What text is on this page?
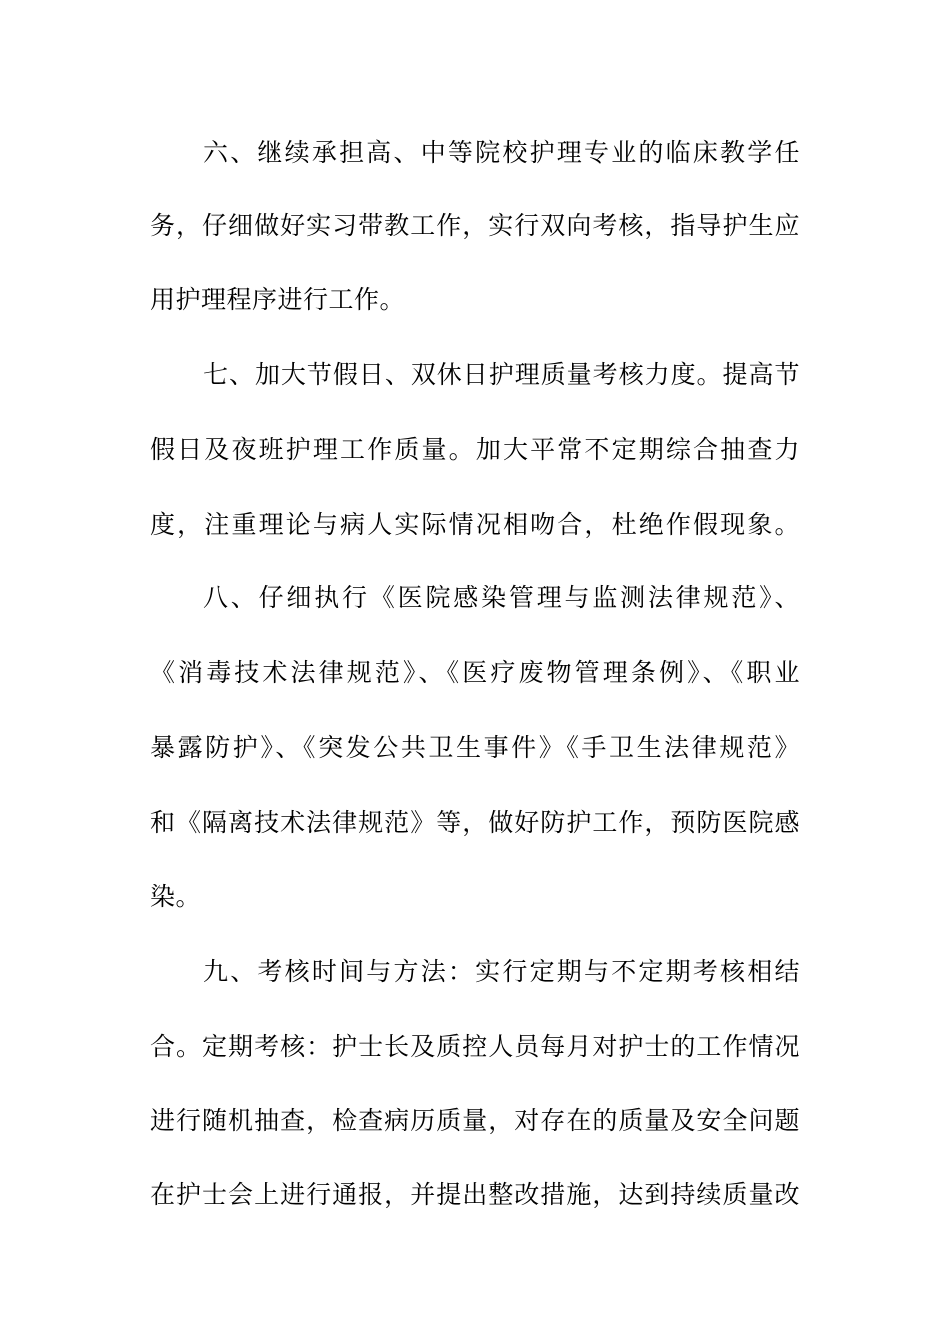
六、继续承担高、中等院校护理专业的临床教学任
务，仔细做好实习带教工作，实行双向考核，指导护生应
用护理程序进行工作。
七、加大节假日、双休日护理质量考核力度。提高节
假日及夜班护理工作质量。加大平常不定期综合抽查力
度，注重理论与病人实际情况相吻合，杜绝作假现象。
八、仔细执行《医院感染管理与监测法律规范》、
《消毒技术法律规范》、《医疗废物管理条例》、《职业
暴露防护》、《突发公共卫生事件》《手卫生法律规范》
和《隔离技术法律规范》等，做好防护工作，预防医院感
染。
九、考核时间与方法：实行定期与不定期考核相结
合。定期考核：护士长及质控人员每月对护士的工作情况
进行随机抽查，检查病历质量，对存在的质量及安全问题
在护士会上进行通报，并提出整改措施，达到持续质量改
